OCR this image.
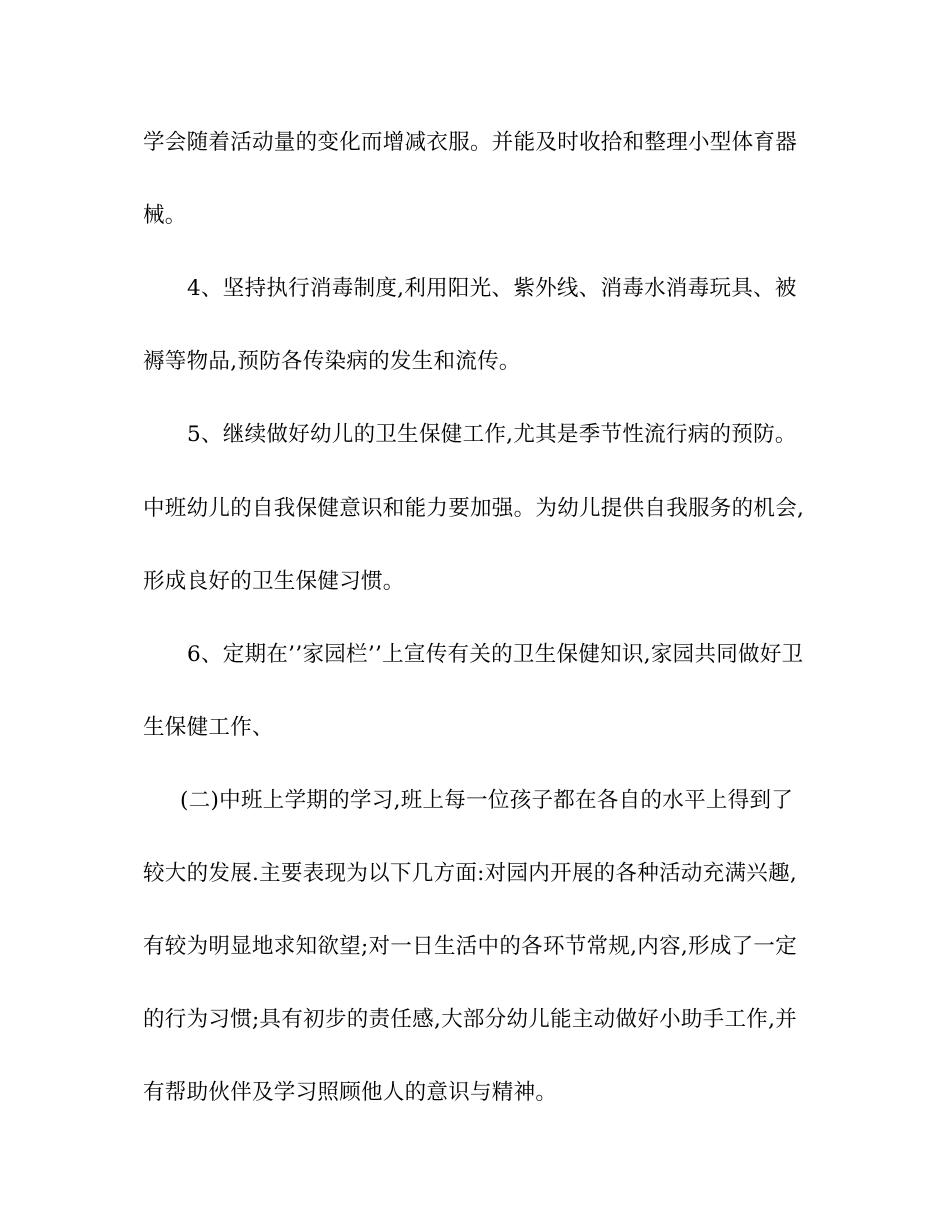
学会随着活动量的变化而增减衣服。并能及时收拾和整理小型体育器
械。
4、坚持执行消毒制度,利用阳光、紫外线、消毒水消毒玩具、被
褥等物品,预防各传染病的发生和流传。
5、继续做好幼儿的卫生保健工作,尤其是季节性流行病的预防。
中班幼儿的自我保健意识和能力要加强。为幼儿提供自我服务的机会,
形成良好的卫生保健习惯。
6、定期在’’家园栏’’上宣传有关的卫生保健知识,家园共同做好卫
生保健工作、
(二)中班上学期的学习,班上每一位孩子都在各自的水平上得到了
较大的发展.主要表现为以下几方面:对园内开展的各种活动充满兴趣,
有较为明显地求知欲望;对一日生活中的各环节常规,内容,形成了一定
的行为习惯;具有初步的责任感,大部分幼儿能主动做好小助手工作,并
有帮助伙伴及学习照顾他人的意识与精神。
